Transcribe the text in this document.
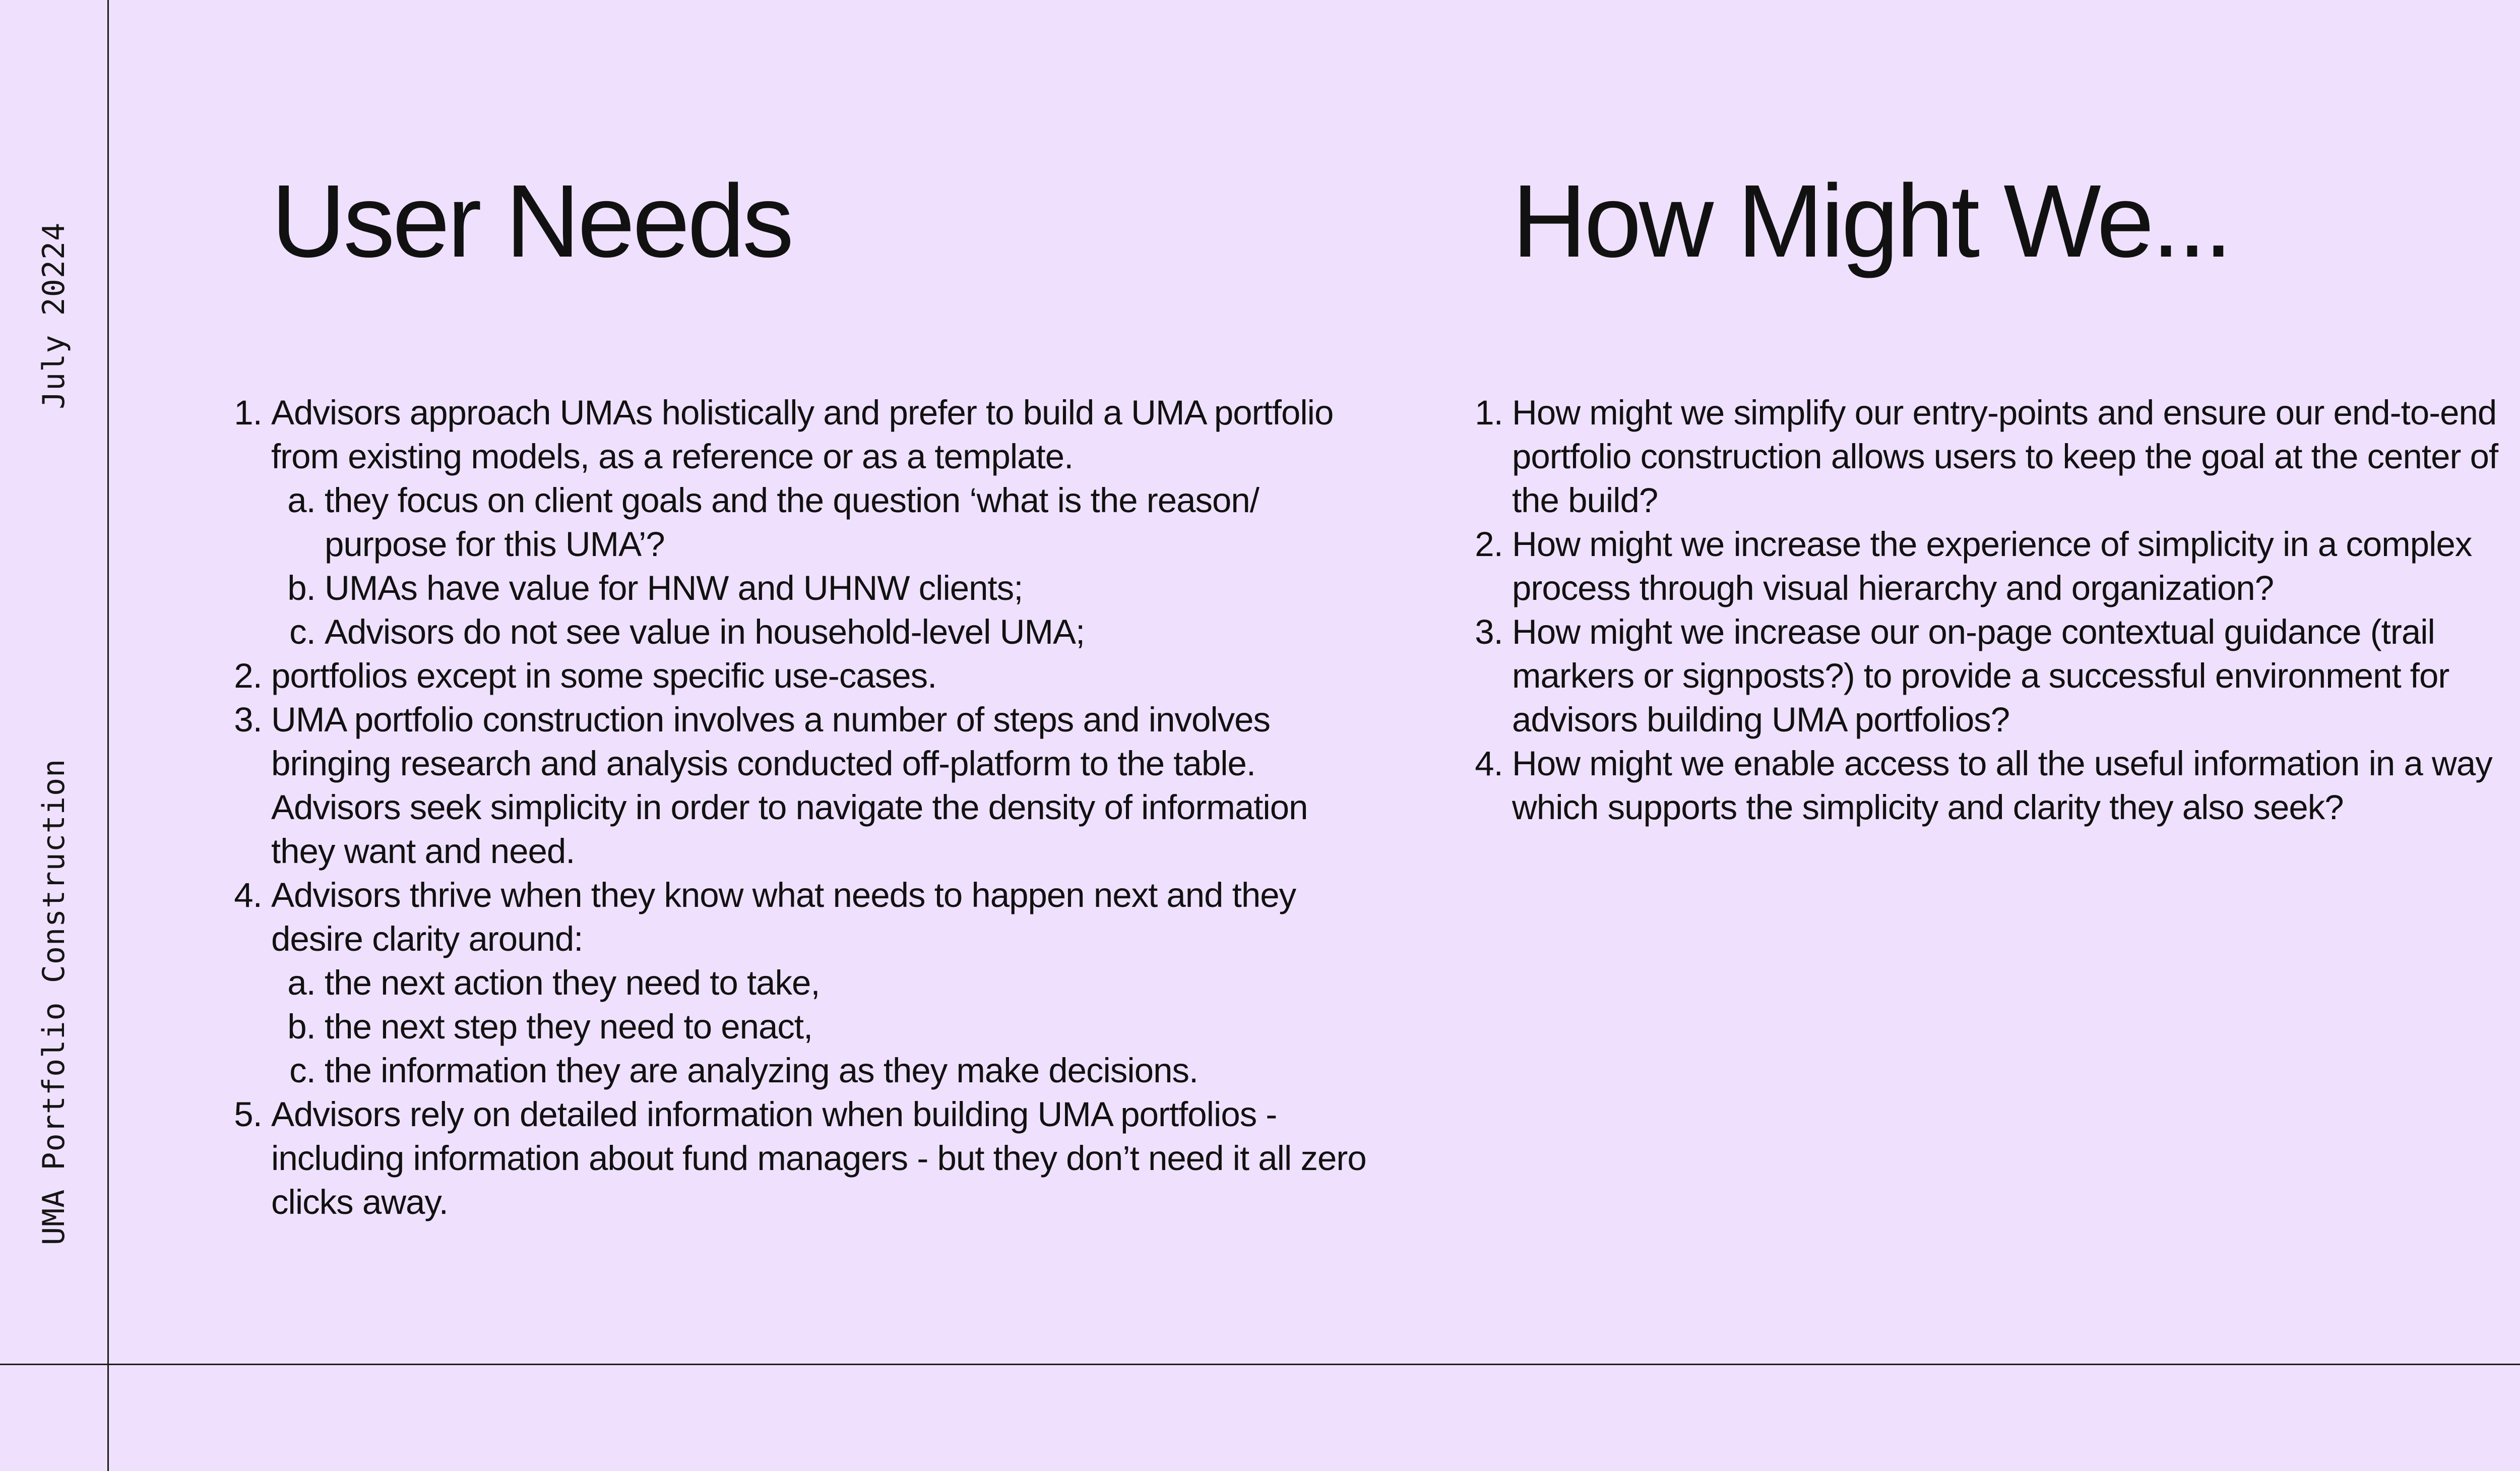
July 20224
UMA Portfolio Construction
User Needs	How Might We...
1. Advisors approach UMAs holistically and prefer to build a UMA portfolio from existing models, as a reference or as a template.
a. they focus on client goals and the question ‘what is the reason/ purpose for this UMA’?
b. UMAs have value for HNW and UHNW clients;
c. Advisors do not see value in household-level UMA;
2. portfolios except in some specific use-cases.
3. UMA portfolio construction involves a number of steps and involves bringing research and analysis conducted off-platform to the table. Advisors seek simplicity in order to navigate the density of information they want and need.
4. Advisors thrive when they know what needs to happen next and they desire clarity around:
a. the next action they need to take,
b. the next step they need to enact,
c. the information they are analyzing as they make decisions.
5. Advisors rely on detailed information when building UMA portfolios - including information about fund managers - but they don’t need it all zero clicks away.
1. How might we simplify our entry-points and ensure our end-to-end portfolio construction allows users to keep the goal at the center of the build?
2. How might we increase the experience of simplicity in a complex process through visual hierarchy and organization?
3. How might we increase our on-page contextual guidance (trail markers or signposts?) to provide a successful environment for advisors building UMA portfolios?
4. How might we enable access to all the useful information in a way which supports the simplicity and clarity they also seek?
